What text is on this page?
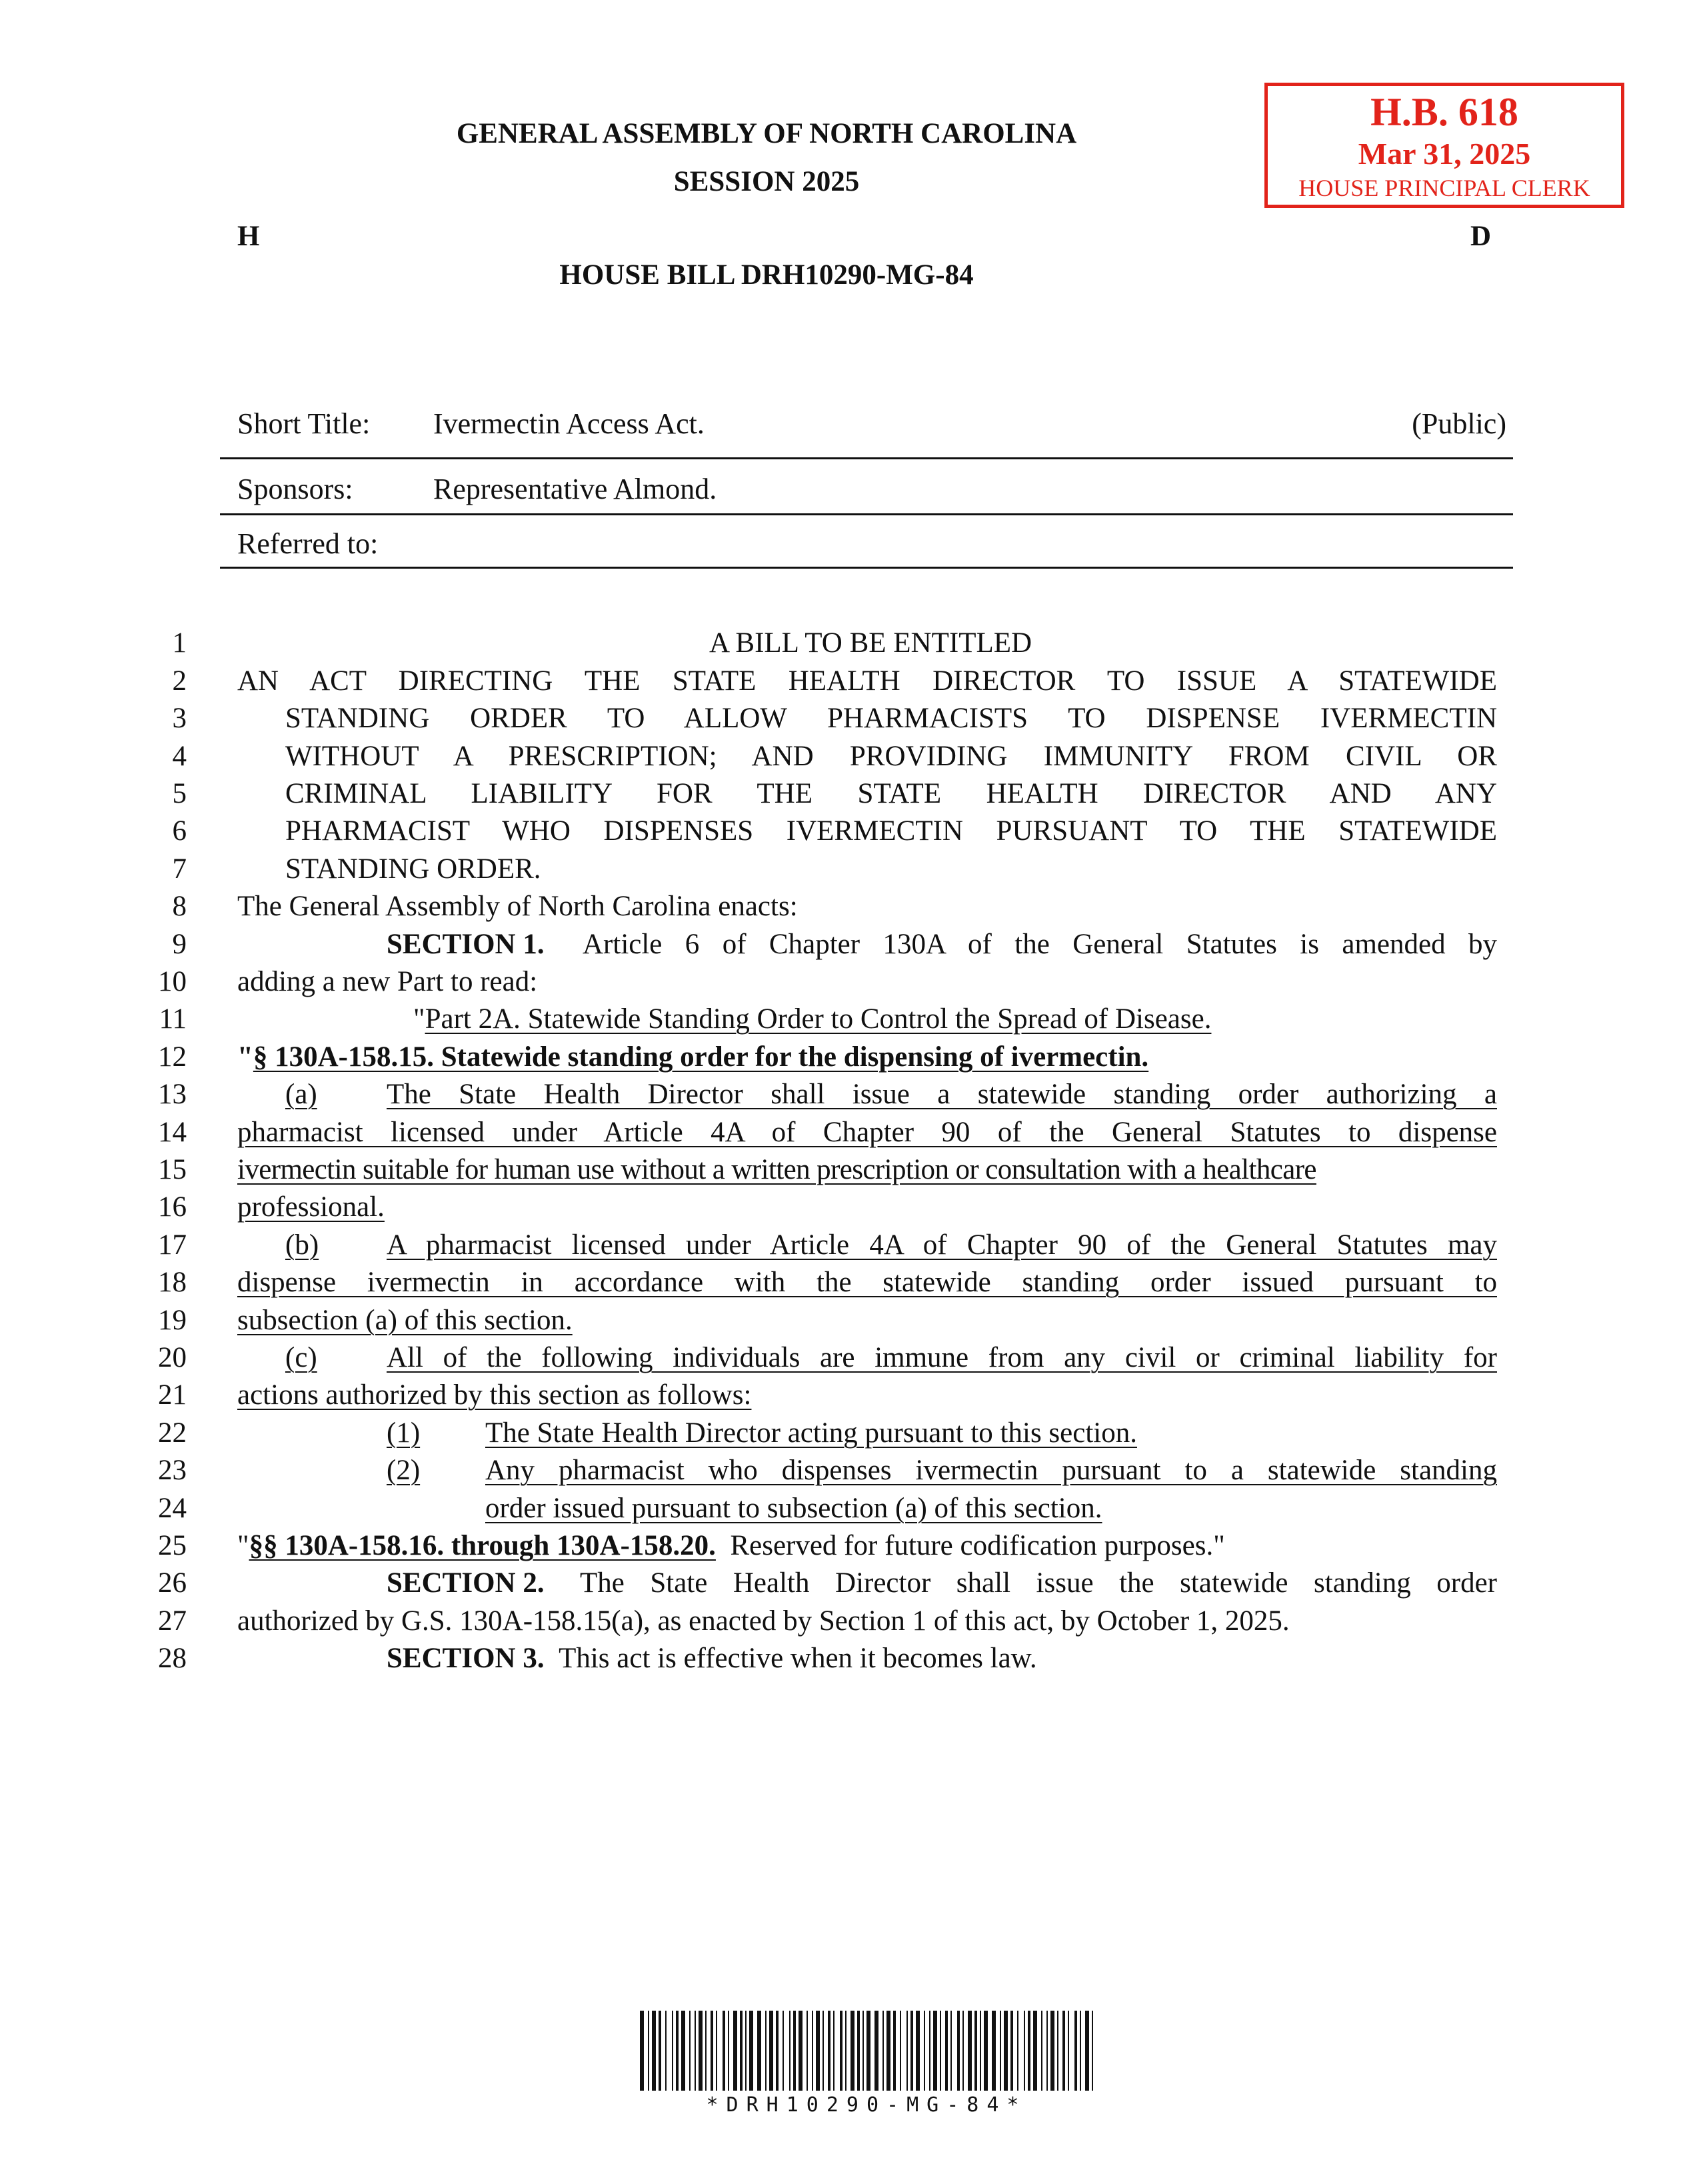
H.B. 618
Mar 31, 2025
HOUSE PRINCIPAL CLERK
GENERAL ASSEMBLY OF NORTH CAROLINA
SESSION 2025
H	D
HOUSE BILL DRH10290-MG-84
Short Title: Ivermectin Access Act.	(Public)
Sponsors:	Representative Almond.
Referred to:
1
2
3
4
5
6
7
8
9
10
11
12
13
14
15
16
17
18
19
20
21
22
23
24
25
26
27
28
A BILL TO BE ENTITLED
AN ACT DIRECTING THE STATE HEALTH DIRECTOR TO ISSUE A STATEWIDE
STANDING ORDER TO ALLOW PHARMACISTS TO DISPENSE IVERMECTIN
WITHOUT A PRESCRIPTION; AND PROVIDING IMMUNITY FROM CIVIL OR
CRIMINAL LIABILITY FOR THE STATE HEALTH DIRECTOR AND ANY
PHARMACIST WHO DISPENSES IVERMECTIN PURSUANT TO THE STATEWIDE
STANDING ORDER.
The General Assembly of North Carolina enacts:
SECTION 1. Article 6 of Chapter 130A of the General Statutes is amended by
adding a new Part to read:
"Part 2A. Statewide Standing Order to Control the Spread of Disease.
"§ 130A-158.15. Statewide standing order for the dispensing of ivermectin.
(a) The State Health Director shall issue a statewide standing order authorizing a
pharmacist licensed under Article 4A of Chapter 90 of the General Statutes to dispense
ivermectin suitable for human use without a written prescription or consultation with a healthcare
professional.
(b) A pharmacist licensed under Article 4A of Chapter 90 of the General Statutes may
dispense ivermectin in accordance with the statewide standing order issued pursuant to
subsection (a) of this section.
(c) All of the following individuals are immune from any civil or criminal liability for
actions authorized by this section as follows:
(1) The State Health Director acting pursuant to this section.
(2) Any pharmacist who dispenses ivermectin pursuant to a statewide standing
order issued pursuant to subsection (a) of this section.
"§§ 130A-158.16. through 130A-158.20. Reserved for future codification purposes."
SECTION 2. The State Health Director shall issue the statewide standing order
authorized by G.S. 130A-158.15(a), as enacted by Section 1 of this act, by October 1, 2025.
SECTION 3. This act is effective when it becomes law.
*DRH10290-MG-84*
